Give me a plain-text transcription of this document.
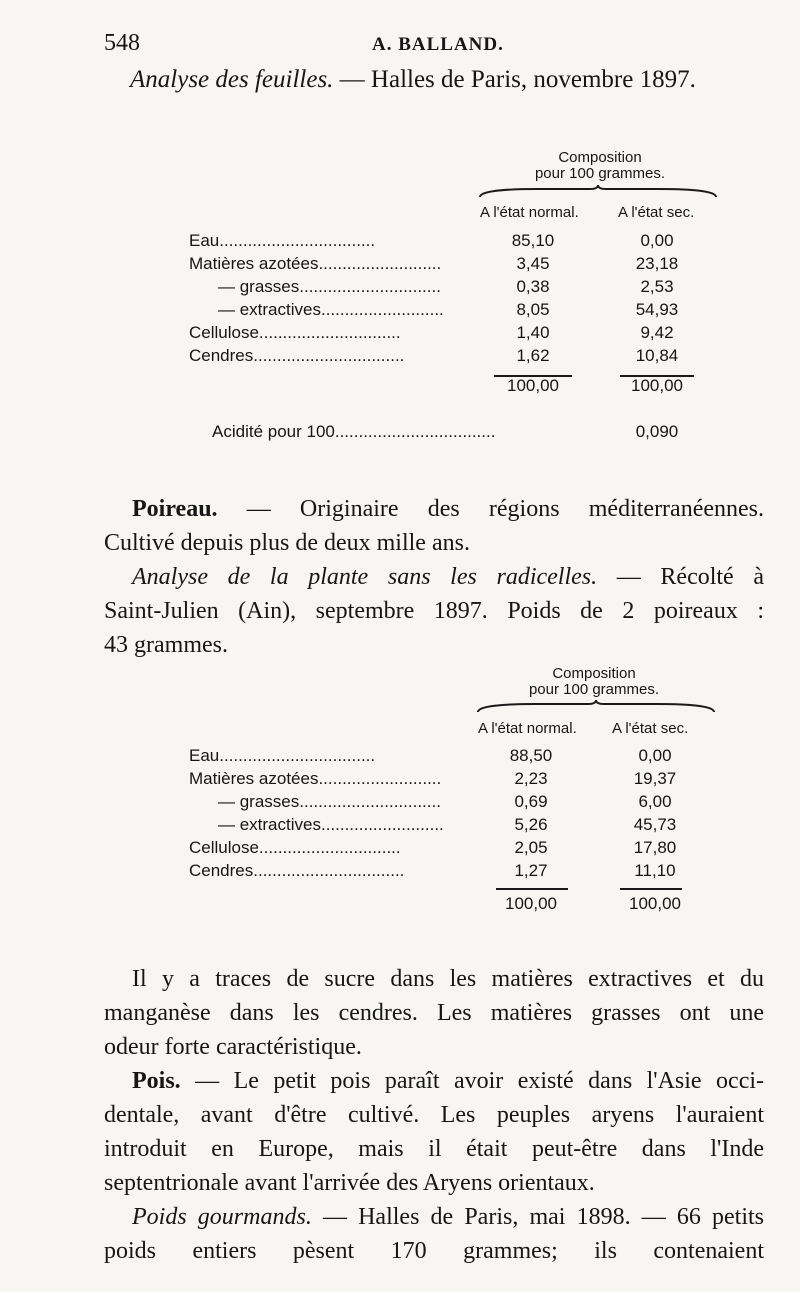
548	A. BALLAND.
Analyse des feuilles. — Halles de Paris, novembre 1897.
Composition
pour 100 grammes.
A l'état normal.	A l'état sec.
Eau.................................	85,10	0,00
Matières azotées..........................	3,45	23,18
— grasses..............................	0,38	2,53
— extractives..........................	8,05	54,93
Cellulose..............................	1,40	9,42
Cendres................................	1,62	10,84
100,00	100,00
Acidité pour 100..................................	0,090
Poireau. — Originaire des régions méditerranéennes.
Cultivé depuis plus de deux mille ans.
Analyse de la plante sans les radicelles. — Récolté à
Saint-Julien (Ain), septembre 1897. Poids de 2 poireaux :
43 grammes.
Composition
pour 100 grammes.
A l'état normal. A l'état sec.
Eau.................................	88,50	0,00
Matières azotées..........................	2,23	19,37
— grasses..............................	0,69	6,00
— extractives..........................	5,26	45,73
Cellulose..............................	2,05	17,80
Cendres................................	1,27	11,10
100,00	100,00
Il y a traces de sucre dans les matières extractives et du
manganèse dans les cendres. Les matières grasses ont une
odeur forte caractéristique.
Pois. — Le petit pois paraît avoir existé dans l'Asie occi-
dentale, avant d'être cultivé. Les peuples aryens l'auraient
introduit en Europe, mais il était peut-être dans l'Inde
septentrionale avant l'arrivée des Aryens orientaux.
Poids gourmands. — Halles de Paris, mai 1898. — 66 petits
poids entiers pèsent 170 grammes; ils contenaient
